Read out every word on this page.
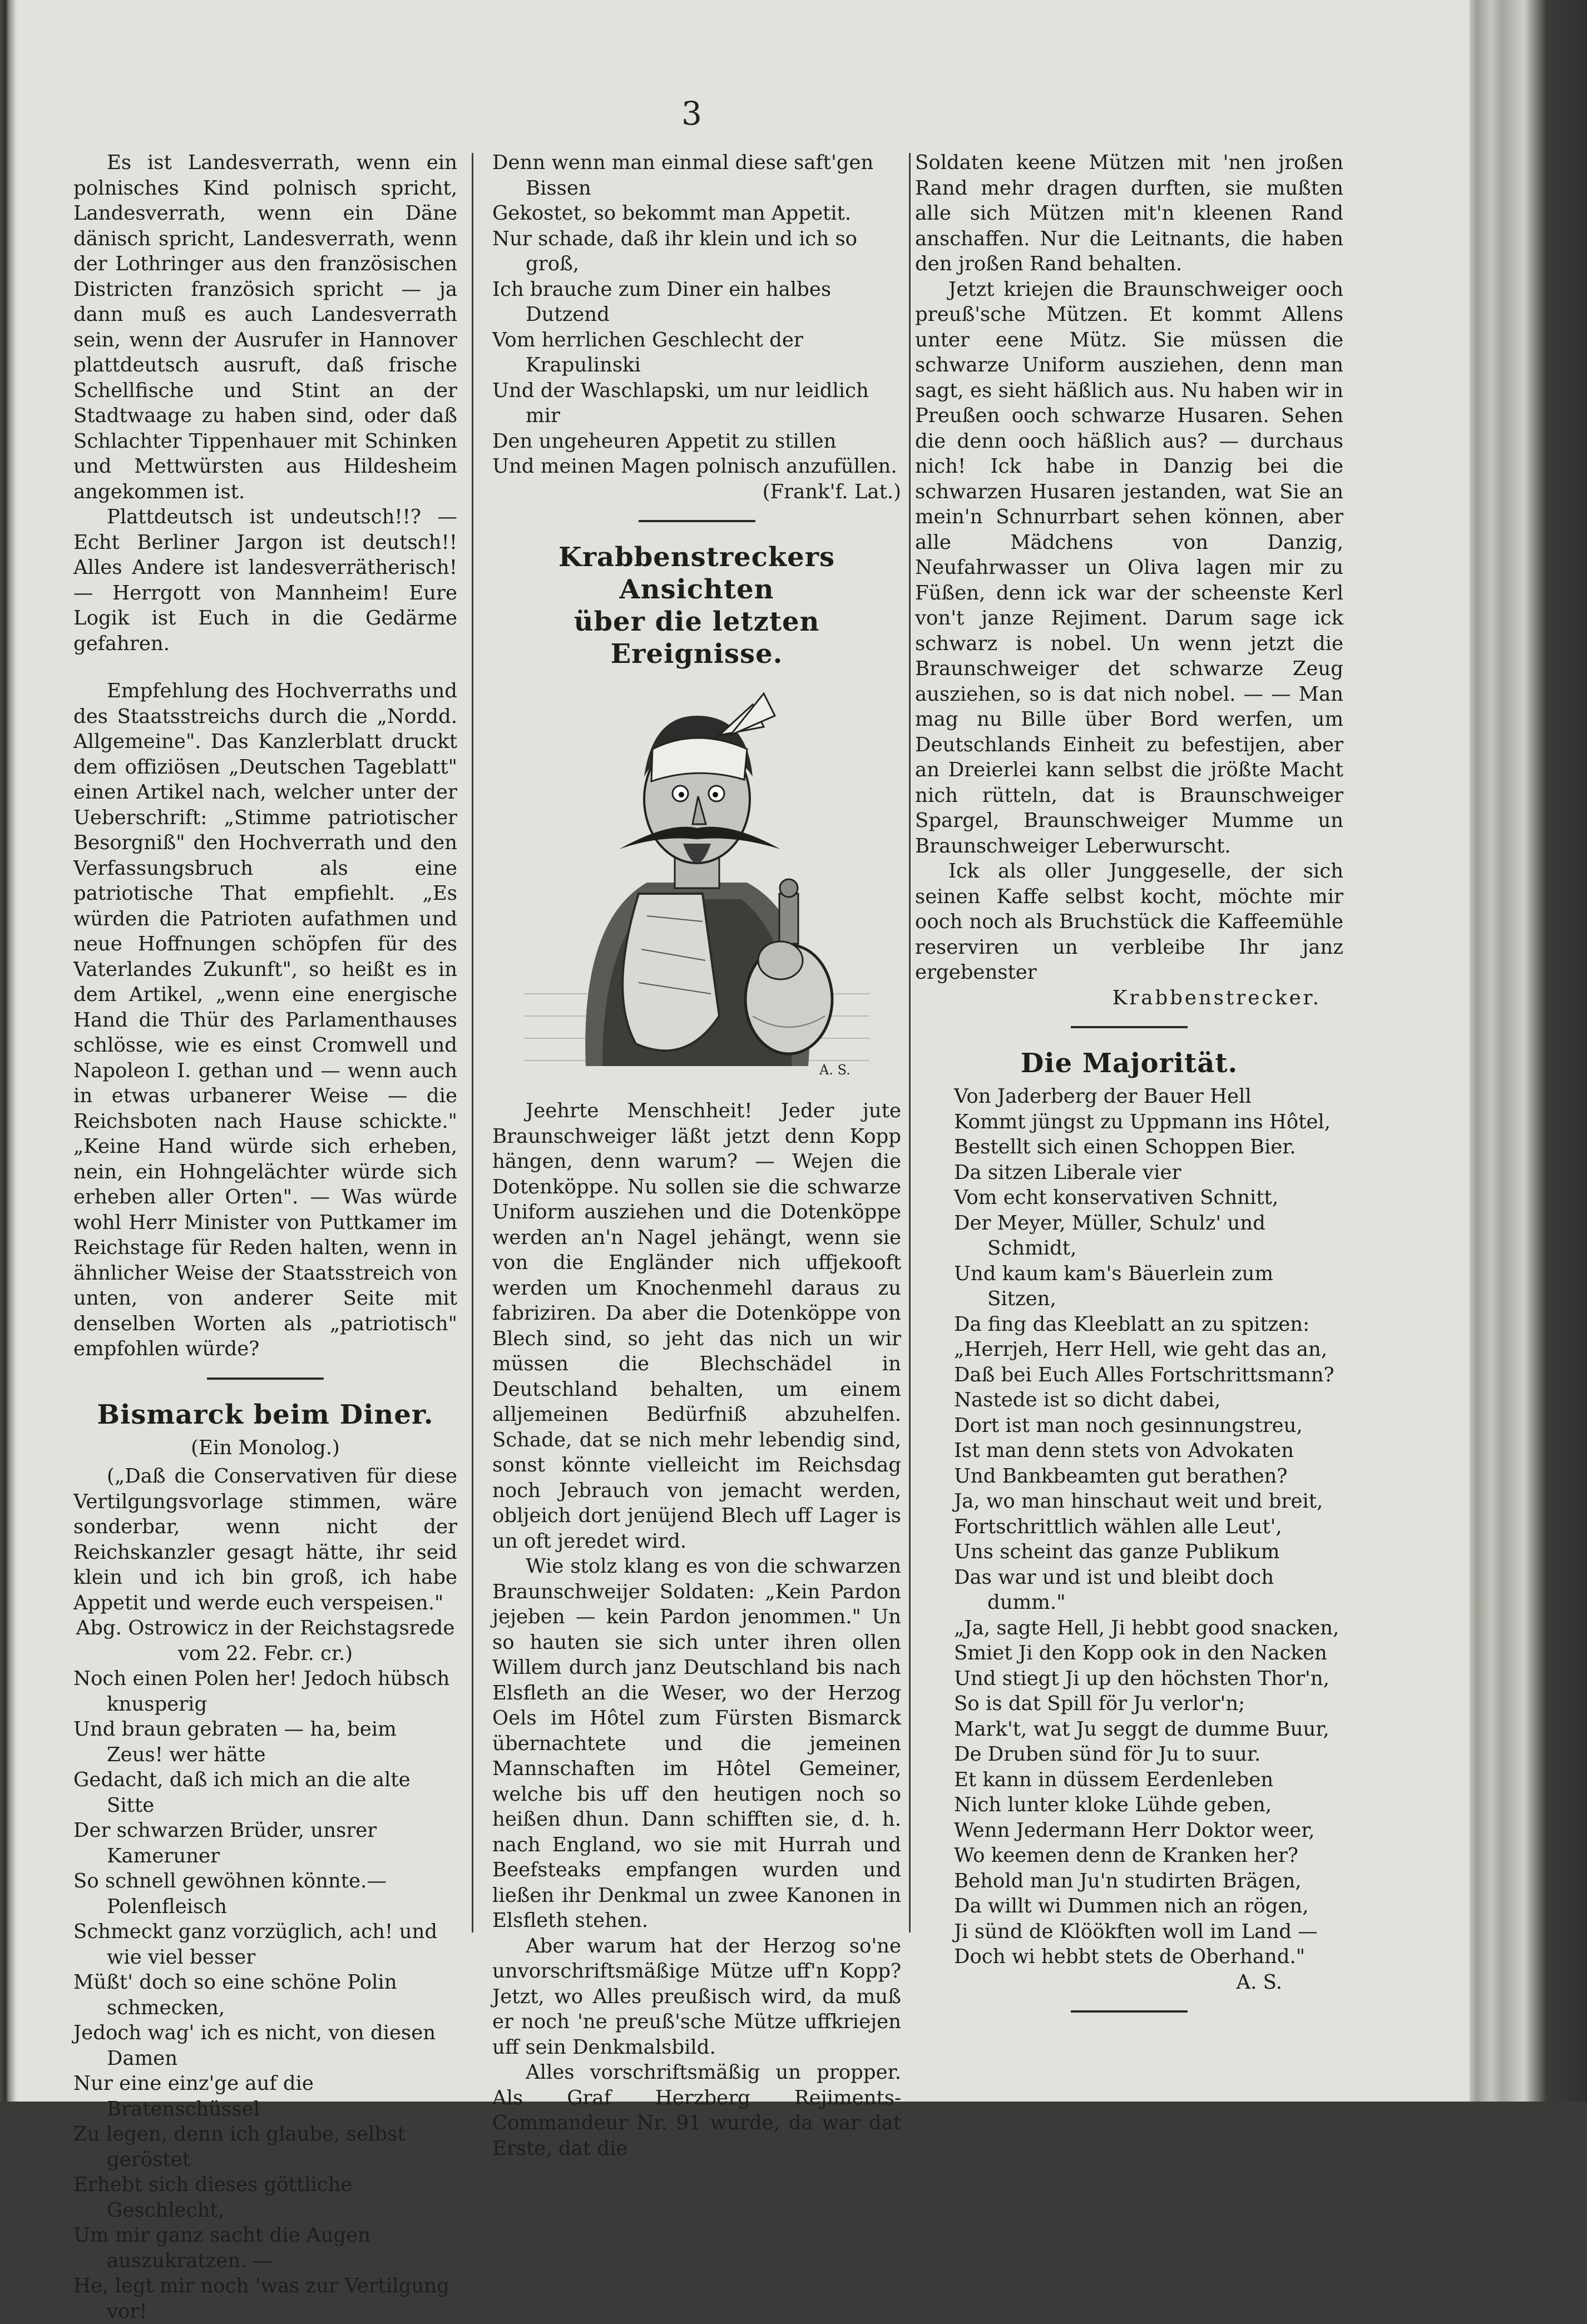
3

Es ist Landesverrath, wenn ein polnisches Kind polnisch spricht, Landesverrath, wenn ein Däne dänisch spricht, Landesverrath, wenn der Lothringer aus den französischen Districten französich spricht — ja dann muß es auch Landesverrath sein, wenn der Ausrufer in Hannover plattdeutsch ausruft, daß frische Schellfische und Stint an der Stadtwaage zu haben sind, oder daß Schlachter Tippenhauer mit Schinken und Mettwürsten aus Hildesheim angekommen ist.

Plattdeutsch ist undeutsch!!? — Echt Berliner Jargon ist deutsch!! Alles Andere ist landesverrätherisch! — Herrgott von Mannheim! Eure Logik ist Euch in die Gedärme gefahren.

Empfehlung des Hochverraths und des Staatsstreichs durch die „Nordd. Allgemeine". Das Kanzlerblatt druckt dem offiziösen „Deutschen Tageblatt" einen Artikel nach, welcher unter der Ueberschrift: „Stimme patriotischer Besorgniß" den Hochverrath und den Verfassungsbruch als eine patriotische That empfiehlt. „Es würden die Patrioten aufathmen und neue Hoffnungen schöpfen für des Vaterlandes Zukunft", so heißt es in dem Artikel, „wenn eine energische Hand die Thür des Parlamenthauses schlösse, wie es einst Cromwell und Napoleon I. gethan und — wenn auch in etwas urbanerer Weise — die Reichsboten nach Hause schickte." „Keine Hand würde sich erheben, nein, ein Hohngelächter würde sich erheben aller Orten". — Was würde wohl Herr Minister von Puttkamer im Reichstage für Reden halten, wenn in ähnlicher Weise der Staatsstreich von unten, von anderer Seite mit denselben Worten als „patriotisch" empfohlen würde?

Bismarck beim Diner.
(Ein Monolog.)

(„Daß die Conservativen für diese Vertilgungsvorlage stimmen, wäre sonderbar, wenn nicht der Reichskanzler gesagt hätte, ihr seid klein und ich bin groß, ich habe Appetit und werde euch verspeisen."

Abg. Ostrowicz in der Reichstagsrede vom 22. Febr. cr.)

Noch einen Polen her! Jedoch hübsch knusperig
Und braun gebraten — ha, beim Zeus! wer hätte
Gedacht, daß ich mich an die alte Sitte
Der schwarzen Brüder, unsrer Kameruner
So schnell gewöhnen könnte.— Polenfleisch
Schmeckt ganz vorzüglich, ach! und wie viel besser
Müßt' doch so eine schöne Polin schmecken,
Jedoch wag' ich es nicht, von diesen Damen
Nur eine einz'ge auf die Bratenschüssel
Zu legen, denn ich glaube, selbst geröstet
Erhebt sich dieses göttliche Geschlecht,
Um mir ganz sacht die Augen auszukratzen. —
He, legt mir noch 'was zur Vertilgung vor!
Denn wenn man einmal diese saft'gen Bissen
Gekostet, so bekommt man Appetit.
Nur schade, daß ihr klein und ich so groß,
Ich brauche zum Diner ein halbes Dutzend
Vom herrlichen Geschlecht der Krapulinski
Und der Waschlapski, um nur leidlich mir
Den ungeheuren Appetit zu stillen
Und meinen Magen polnisch anzufüllen.
(Frank'f. Lat.)
Krabbenstreckers Ansichten
über die letzten Ereignisse.
A. S.

Jeehrte Menschheit! Jeder jute Braunschweiger läßt jetzt denn Kopp hängen, denn warum? — Wejen die Dotenköppe. Nu sollen sie die schwarze Uniform ausziehen und die Dotenköppe werden an'n Nagel jehängt, wenn sie von die Engländer nich uffjekooft werden um Knochenmehl daraus zu fabriziren. Da aber die Dotenköppe von Blech sind, so jeht das nich un wir müssen die Blechschädel in Deutschland behalten, um einem alljemeinen Bedürfniß abzuhelfen. Schade, dat se nich mehr lebendig sind, sonst könnte vielleicht im Reichsdag noch Jebrauch von jemacht werden, obljeich dort jenüjend Blech uff Lager is un oft jeredet wird.

Wie stolz klang es von die schwarzen Braunschweijer Soldaten: „Kein Pardon jejeben — kein Pardon jenommen." Un so hauten sie sich unter ihren ollen Willem durch janz Deutschland bis nach Elsfleth an die Weser, wo der Herzog Oels im Hôtel zum Fürsten Bismarck übernachtete und die jemeinen Mannschaften im Hôtel Gemeiner, welche bis uff den heutigen noch so heißen dhun. Dann schifften sie, d. h. nach England, wo sie mit Hurrah und Beefsteaks empfangen wurden und ließen ihr Denkmal un zwee Kanonen in Elsfleth stehen.

Aber warum hat der Herzog so'ne unvorschriftsmäßige Mütze uff'n Kopp? Jetzt, wo Alles preußisch wird, da muß er noch 'ne preuß'sche Mütze uffkriejen uff sein Denkmalsbild.

Alles vorschriftsmäßig un propper. Als Graf Herzberg Rejiments-Commandeur Nr. 91 wurde, da war dat Erste, dat die

Soldaten keene Mützen mit 'nen jroßen Rand mehr dragen durften, sie mußten alle sich Mützen mit'n kleenen Rand anschaffen. Nur die Leitnants, die haben den jroßen Rand behalten.

Jetzt kriejen die Braunschweiger ooch preuß'sche Mützen. Et kommt Allens unter eene Mütz. Sie müssen die schwarze Uniform ausziehen, denn man sagt, es sieht häßlich aus. Nu haben wir in Preußen ooch schwarze Husaren. Sehen die denn ooch häßlich aus? — durchaus nich! Ick habe in Danzig bei die schwarzen Husaren jestanden, wat Sie an mein'n Schnurrbart sehen können, aber alle Mädchens von Danzig, Neufahrwasser un Oliva lagen mir zu Füßen, denn ick war der scheenste Kerl von't janze Rejiment. Darum sage ick schwarz is nobel. Un wenn jetzt die Braunschweiger det schwarze Zeug ausziehen, so is dat nich nobel. — — Man mag nu Bille über Bord werfen, um Deutschlands Einheit zu befestijen, aber an Dreierlei kann selbst die jrößte Macht nich rütteln, dat is Braunschweiger Spargel, Braunschweiger Mumme un Braunschweiger Leberwurscht.

Ick als oller Junggeselle, der sich seinen Kaffe selbst kocht, möchte mir ooch noch als Bruchstück die Kaffeemühle reserviren un verbleibe Ihr janz ergebenster

Krabbenstrecker.
Die Majorität.
Von Jaderberg der Bauer Hell
Kommt jüngst zu Uppmann ins Hôtel,
Bestellt sich einen Schoppen Bier.
Da sitzen Liberale vier
Vom echt konservativen Schnitt,
Der Meyer, Müller, Schulz' und Schmidt,
Und kaum kam's Bäuerlein zum Sitzen,
Da fing das Kleeblatt an zu spitzen:
„Herrjeh, Herr Hell, wie geht das an,
Daß bei Euch Alles Fortschrittsmann?
Nastede ist so dicht dabei,
Dort ist man noch gesinnungstreu,
Ist man denn stets von Advokaten
Und Bankbeamten gut berathen?
Ja, wo man hinschaut weit und breit,
Fortschrittlich wählen alle Leut',
Uns scheint das ganze Publikum
Das war und ist und bleibt doch dumm."
„Ja, sagte Hell, Ji hebbt good snacken,
Smiet Ji den Kopp ook in den Nacken
Und stiegt Ji up den höchsten Thor'n,
So is dat Spill för Ju verlor'n;
Mark't, wat Ju seggt de dumme Buur,
De Druben sünd för Ju to suur.
Et kann in düssem Eerdenleben
Nich lunter kloke Lühde geben,
Wenn Jedermann Herr Doktor weer,
Wo keemen denn de Kranken her?
Behold man Ju'n studirten Brägen,
Da willt wi Dummen nich an rögen,
Ji sünd de Klöökften woll im Land —
Doch wi hebbt stets de Oberhand."
A. S.
